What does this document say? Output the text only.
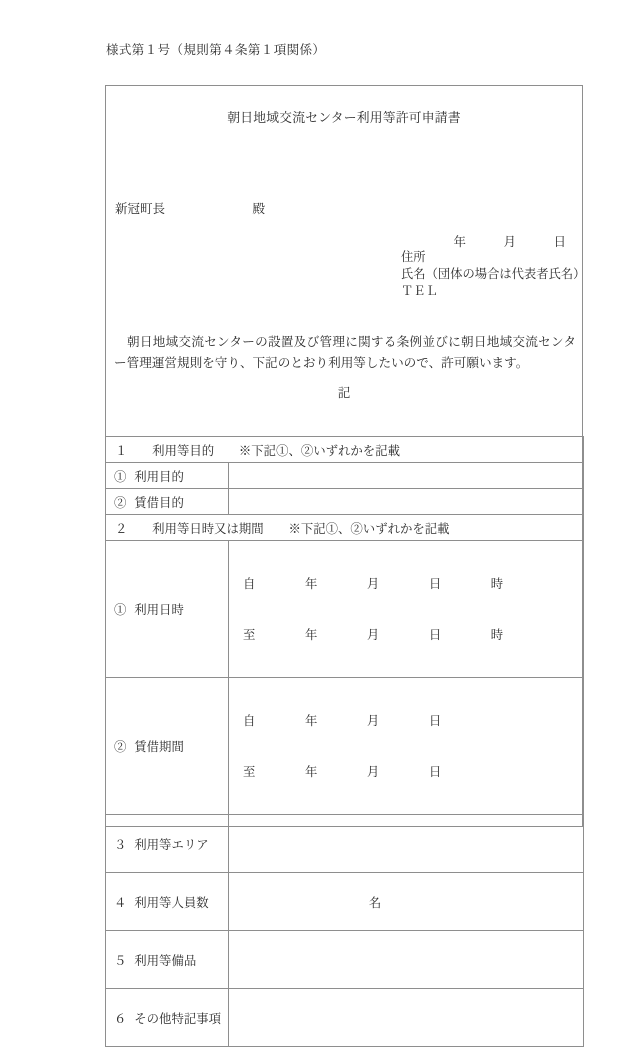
様式第１号（規則第４条第１項関係）
朝日地域交流センター利用等許可申請書
年　　　月　　　日
新冠町長　　　　　　　殿
住所
氏名（団体の場合は代表者氏名）
ＴＥＬ
朝日地域交流センターの設置及び管理に関する条例並びに朝日地域交流センター管理運営規則を守り、下記のとおり利用等したいので、許可願います。
記
１　　利用等目的　　※下記①、②いずれかを記載	
①  利用目的	
②  賃借目的	
２　　利用等日時又は期間　　※下記①、②いずれかを記載	
①  利用日時	自　　　　年　　　　月　　　　日　　　　時

至　　　　年　　　　月　　　　日　　　　時

②  賃借期間	自　　　　年　　　　月　　　　日

至　　　　年　　　　月　　　　日

３  利用等エリア	
４  利用等人員数	名
５  利用等備品	
６  その他特記事項	
